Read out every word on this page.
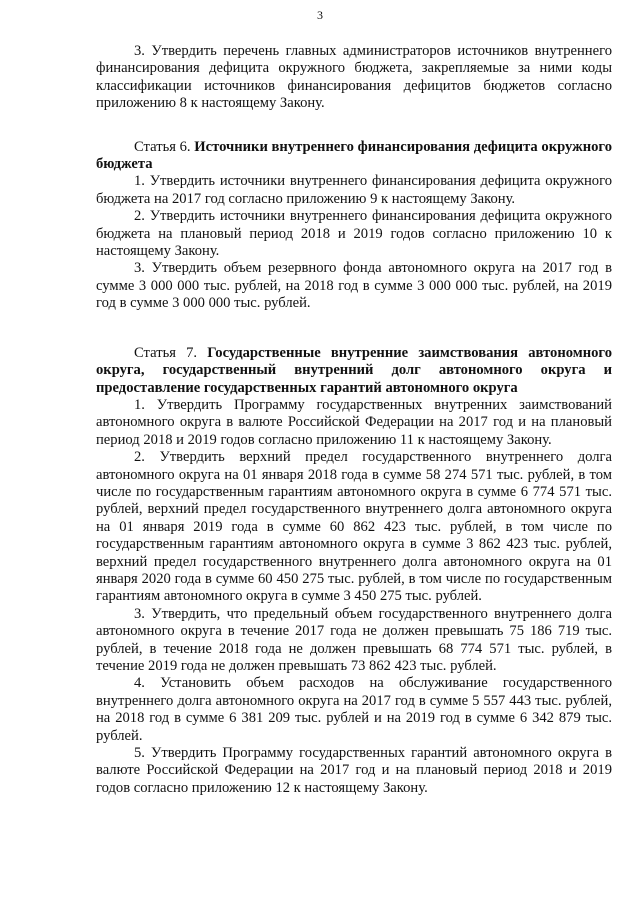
3

3. Утвердить перечень главных администраторов источников внутреннего финансирования дефицита окружного бюджета, закрепляемые за ними коды классификации источников финансирования дефицитов бюджетов согласно приложению 8 к настоящему Закону.

Статья 6. Источники внутреннего финансирования дефицита окружного бюджета

1. Утвердить источники внутреннего финансирования дефицита окружного бюджета на 2017 год согласно приложению 9 к настоящему Закону.

2. Утвердить источники внутреннего финансирования дефицита окружного бюджета на плановый период 2018 и 2019 годов согласно приложению 10 к настоящему Закону.

3. Утвердить объем резервного фонда автономного округа на 2017 год в сумме 3 000 000 тыс. рублей, на 2018 год в сумме 3 000 000 тыс. рублей, на 2019 год в сумме 3 000 000 тыс. рублей.

Статья 7. Государственные внутренние заимствования автономного округа, государственный внутренний долг автономного округа и предоставление государственных гарантий автономного округа

1. Утвердить Программу государственных внутренних заимствований автономного округа в валюте Российской Федерации на 2017 год и на плановый период 2018 и 2019 годов согласно приложению 11 к настоящему Закону.

2. Утвердить верхний предел государственного внутреннего долга автономного округа на 01 января 2018 года в сумме 58 274 571 тыс. рублей, в том числе по государственным гарантиям автономного округа в сумме 6 774 571 тыс. рублей, верхний предел государственного внутреннего долга автономного округа на 01 января 2019 года в сумме 60 862 423 тыс. рублей, в том числе по государственным гарантиям автономного округа в сумме 3 862 423 тыс. рублей, верхний предел государственного внутреннего долга автономного округа на 01 января 2020 года в сумме 60 450 275 тыс. рублей, в том числе по государственным гарантиям автономного округа в сумме 3 450 275 тыс. рублей.

3. Утвердить, что предельный объем государственного внутреннего долга автономного округа в течение 2017 года не должен превышать 75 186 719 тыс. рублей, в течение 2018 года не должен превышать 68 774 571 тыс. рублей, в течение 2019 года не должен превышать 73 862 423 тыс. рублей.

4. Установить объем расходов на обслуживание государственного внутреннего долга автономного округа на 2017 год в сумме 5 557 443 тыс. рублей, на 2018 год в сумме 6 381 209 тыс. рублей и на 2019 год в сумме 6 342 879 тыс. рублей.

5. Утвердить Программу государственных гарантий автономного округа в валюте Российской Федерации на 2017 год и на плановый период 2018 и 2019 годов согласно приложению 12 к настоящему Закону.
